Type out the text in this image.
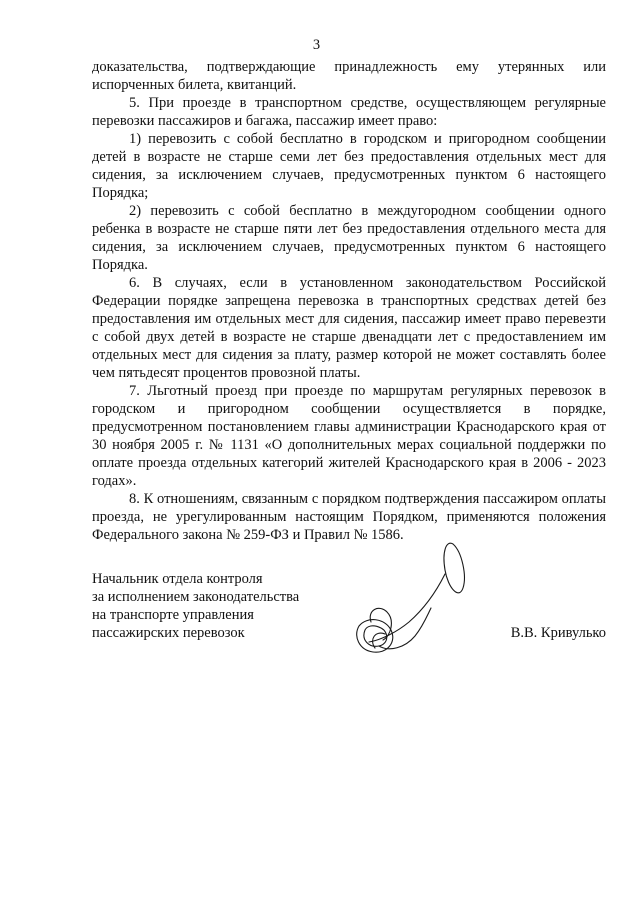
3

доказательства, подтверждающие принадлежность ему утерянных или испорченных билета, квитанций.

5. При проезде в транспортном средстве, осуществляющем регулярные перевозки пассажиров и багажа, пассажир имеет право:

1) перевозить с собой бесплатно в городском и пригородном сообщении детей в возрасте не старше семи лет без предоставления отдельных мест для сидения, за исключением случаев, предусмотренных пунктом 6 настоящего Порядка;

2) перевозить с собой бесплатно в междугородном сообщении одного ребенка в возрасте не старше пяти лет без предоставления отдельного места для сидения, за исключением случаев, предусмотренных пунктом 6 настоящего Порядка.

6. В случаях, если в установленном законодательством Российской Федерации порядке запрещена перевозка в транспортных средствах детей без предоставления им отдельных мест для сидения, пассажир имеет право перевезти с собой двух детей в возрасте не старше двенадцати лет с предоставлением им отдельных мест для сидения за плату, размер которой не может составлять более чем пятьдесят процентов провозной платы.

7. Льготный проезд при проезде по маршрутам регулярных перевозок в городском и пригородном сообщении осуществляется в порядке, предусмотренном постановлением главы администрации Краснодарского края от 30 ноября 2005 г. № 1131 «О дополнительных мерах социальной поддержки по оплате проезда отдельных категорий жителей Краснодарского края в 2006 - 2023 годах».

8. К отношениям, связанным с порядком подтверждения пассажиром оплаты проезда, не урегулированным настоящим Порядком, применяются положения Федерального закона № 259-ФЗ и Правил № 1586.

Начальник отдела контроля
за исполнением законодательства
на транспорте управления
пассажирских перевозок	В.В. Кривулько
